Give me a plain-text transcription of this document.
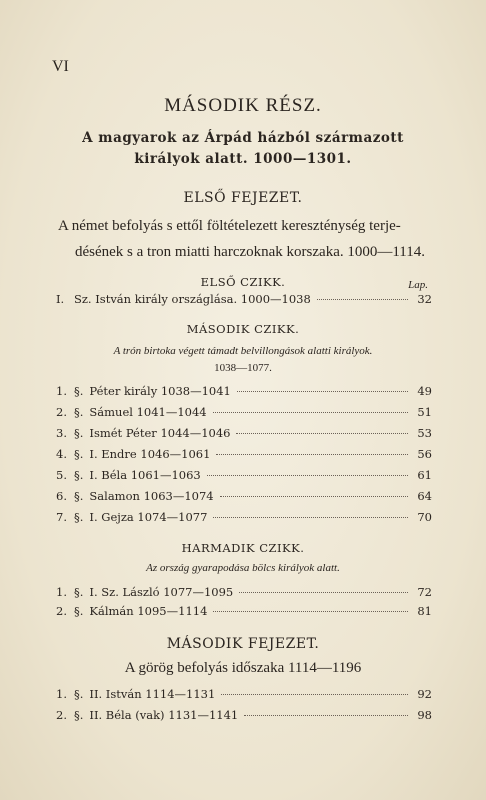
VI
MÁSODIK RÉSZ.
A magyarok az Árpád házból származott
királyok alatt. 1000—1301.
ELSŐ FEJEZET.
A német befolyás s ettől föltételezett kereszténység terje-
désének s a tron miatti harczoknak korszaka. 1000—1114.
ELSŐ CZIKK.	Lap.
I. Sz. István király országlása. 1000—1038	32
MÁSODIK CZIKK.
A trón birtoka végett támadt belvillongások alatti királyok.
1038—1077.
1. §. Péter király 1038—1041	49
2. §. Sámuel 1041—1044	51
3. §. Ismét Péter 1044—1046	53
4. §. I. Endre 1046—1061	56
5. §. I. Béla 1061—1063	61
6. §. Salamon 1063—1074	64
7. §. I. Gejza 1074—1077	70
HARMADIK CZIKK.
Az ország gyarapodása bölcs királyok alatt.
1. §. I. Sz. László 1077—1095	72
2. §. Kálmán 1095—1114	81
MÁSODIK FEJEZET.
A görög befolyás időszaka 1114—1196
1. §. II. István 1114—1131	92
2. §. II. Béla (vak) 1131—1141	98
